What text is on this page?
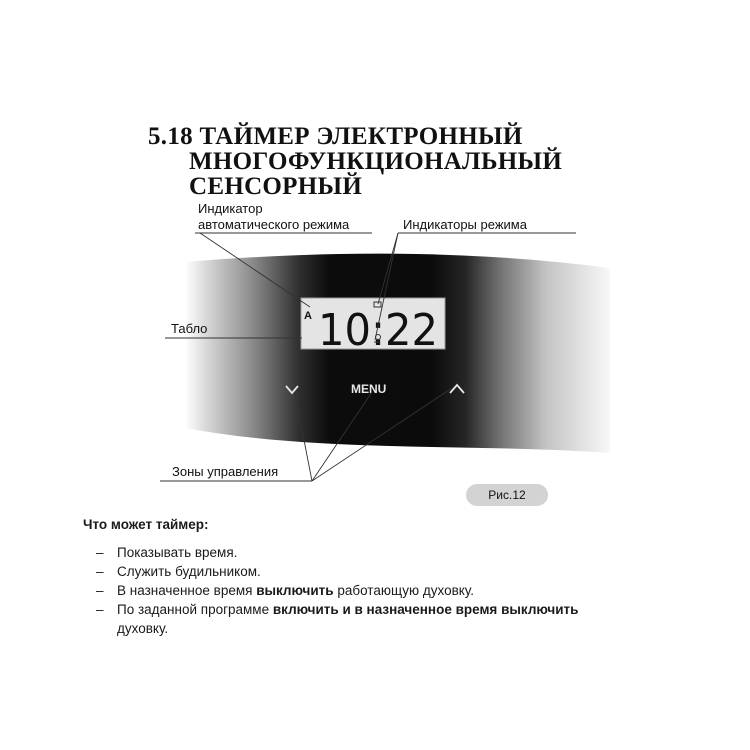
5.18 ТАЙМЕР ЭЛЕКТРОННЫЙ
МНОГОФУНКЦИОНАЛЬНЫЙ
СЕНСОРНЫЙ
A 10:22
MENU
Индикатор
автоматического режима	Индикаторы режима
Табло
Зоны управления
Рис.12

Что может таймер:

– Показывать время.
– Служить будильником.
– В назначенное время выключить работающую духовку.
– По заданной программе включить и в назначенное время выключить
духовку.
